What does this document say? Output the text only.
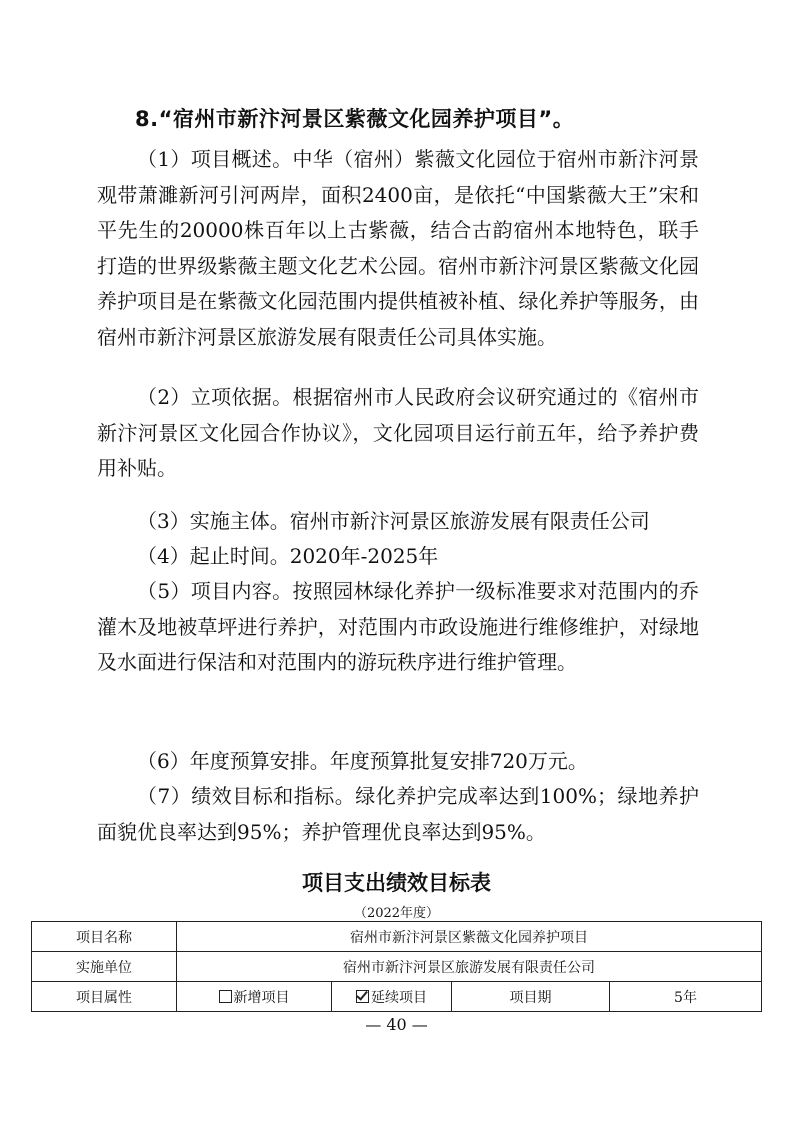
8.“宿州市新汴河景区紫薇文化园养护项目”。

（1）项目概述。中华（宿州）紫薇文化园位于宿州市新汴河景观带萧濉新河引河两岸，面积2400亩，是依托“中国紫薇大王”宋和平先生的20000株百年以上古紫薇，结合古韵宿州本地特色，联手打造的世界级紫薇主题文化艺术公园。宿州市新汴河景区紫薇文化园养护项目是在紫薇文化园范围内提供植被补植、绿化养护等服务，由宿州市新汴河景区旅游发展有限责任公司具体实施。

（2）立项依据。根据宿州市人民政府会议研究通过的《宿州市新汴河景区文化园合作协议》，文化园项目运行前五年，给予养护费用补贴。

（3）实施主体。宿州市新汴河景区旅游发展有限责任公司

（4）起止时间。2020年-2025年

（5）项目内容。按照园林绿化养护一级标准要求对范围内的乔灌木及地被草坪进行养护，对范围内市政设施进行维修维护，对绿地及水面进行保洁和对范围内的游玩秩序进行维护管理。

（6）年度预算安排。年度预算批复安排720万元。

（7）绩效目标和指标。绿化养护完成率达到100%；绿地养护面貌优良率达到95%；养护管理优良率达到95%。

项目支出绩效目标表
（2022年度）
项目名称	宿州市新汴河景区紫薇文化园养护项目			
实施单位	宿州市新汴河景区旅游发展有限责任公司			
项目属性	新增项目	延续项目	项目期	5年
— 40 —
